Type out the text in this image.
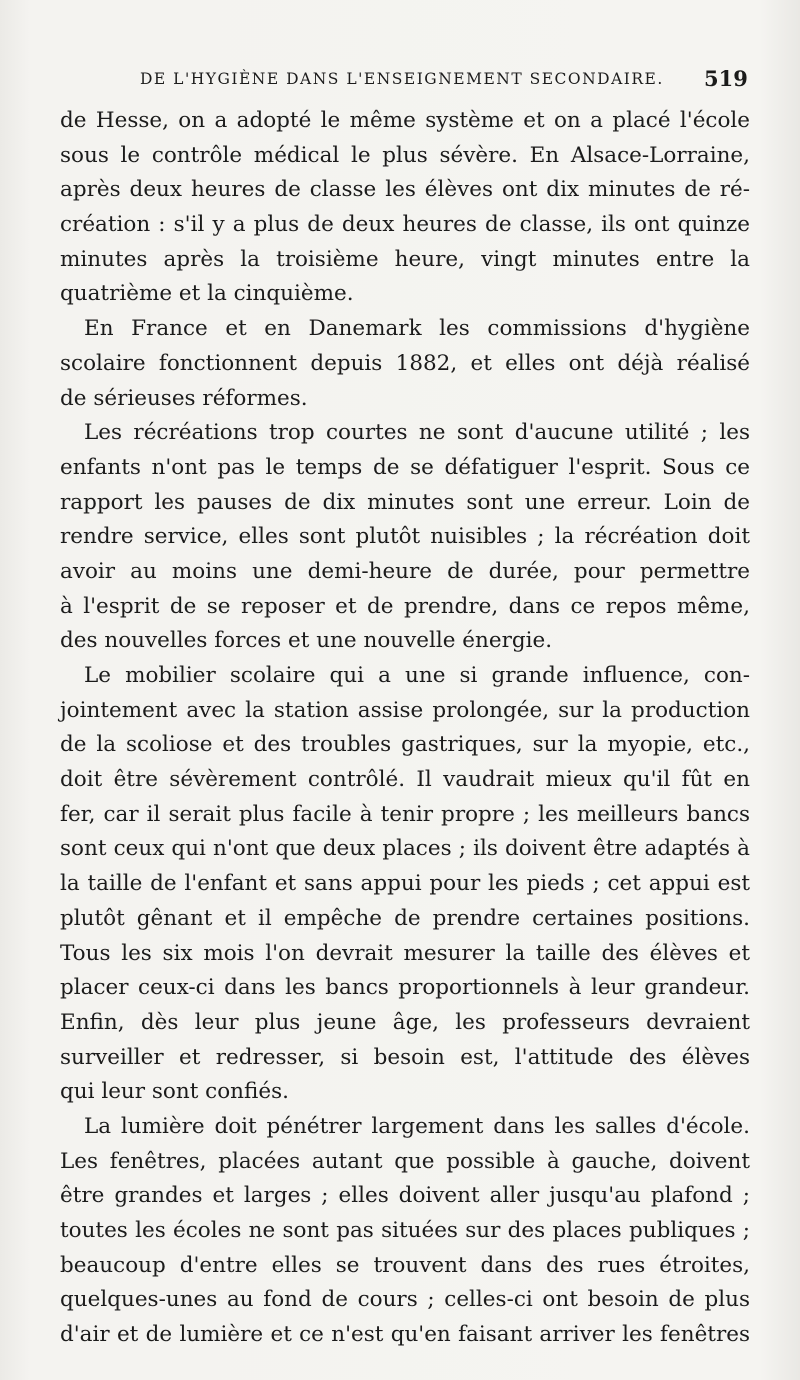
DE L'HYGIÈNE DANS L'ENSEIGNEMENT SECONDAIRE. 519
de Hesse, on a adopté le même système et on a placé l'école
sous le contrôle médical le plus sévère. En Alsace-Lorraine,
après deux heures de classe les élèves ont dix minutes de ré-
création : s'il y a plus de deux heures de classe, ils ont quinze
minutes après la troisième heure, vingt minutes entre la
quatrième et la cinquième.
En France et en Danemark les commissions d'hygiène
scolaire fonctionnent depuis 1882, et elles ont déjà réalisé
de sérieuses réformes.
Les récréations trop courtes ne sont d'aucune utilité ; les
enfants n'ont pas le temps de se défatiguer l'esprit. Sous ce
rapport les pauses de dix minutes sont une erreur. Loin de
rendre service, elles sont plutôt nuisibles ; la récréation doit
avoir au moins une demi-heure de durée, pour permettre
à l'esprit de se reposer et de prendre, dans ce repos même,
des nouvelles forces et une nouvelle énergie.
Le mobilier scolaire qui a une si grande influence, con-
jointement avec la station assise prolongée, sur la production
de la scoliose et des troubles gastriques, sur la myopie, etc.,
doit être sévèrement contrôlé. Il vaudrait mieux qu'il fût en
fer, car il serait plus facile à tenir propre ; les meilleurs bancs
sont ceux qui n'ont que deux places ; ils doivent être adaptés à
la taille de l'enfant et sans appui pour les pieds ; cet appui est
plutôt gênant et il empêche de prendre certaines positions.
Tous les six mois l'on devrait mesurer la taille des élèves et
placer ceux-ci dans les bancs proportionnels à leur grandeur.
Enfin, dès leur plus jeune âge, les professeurs devraient
surveiller et redresser, si besoin est, l'attitude des élèves
qui leur sont confiés.
La lumière doit pénétrer largement dans les salles d'école.
Les fenêtres, placées autant que possible à gauche, doivent
être grandes et larges ; elles doivent aller jusqu'au plafond ;
toutes les écoles ne sont pas situées sur des places publiques ;
beaucoup d'entre elles se trouvent dans des rues étroites,
quelques-unes au fond de cours ; celles-ci ont besoin de plus
d'air et de lumière et ce n'est qu'en faisant arriver les fenêtres
